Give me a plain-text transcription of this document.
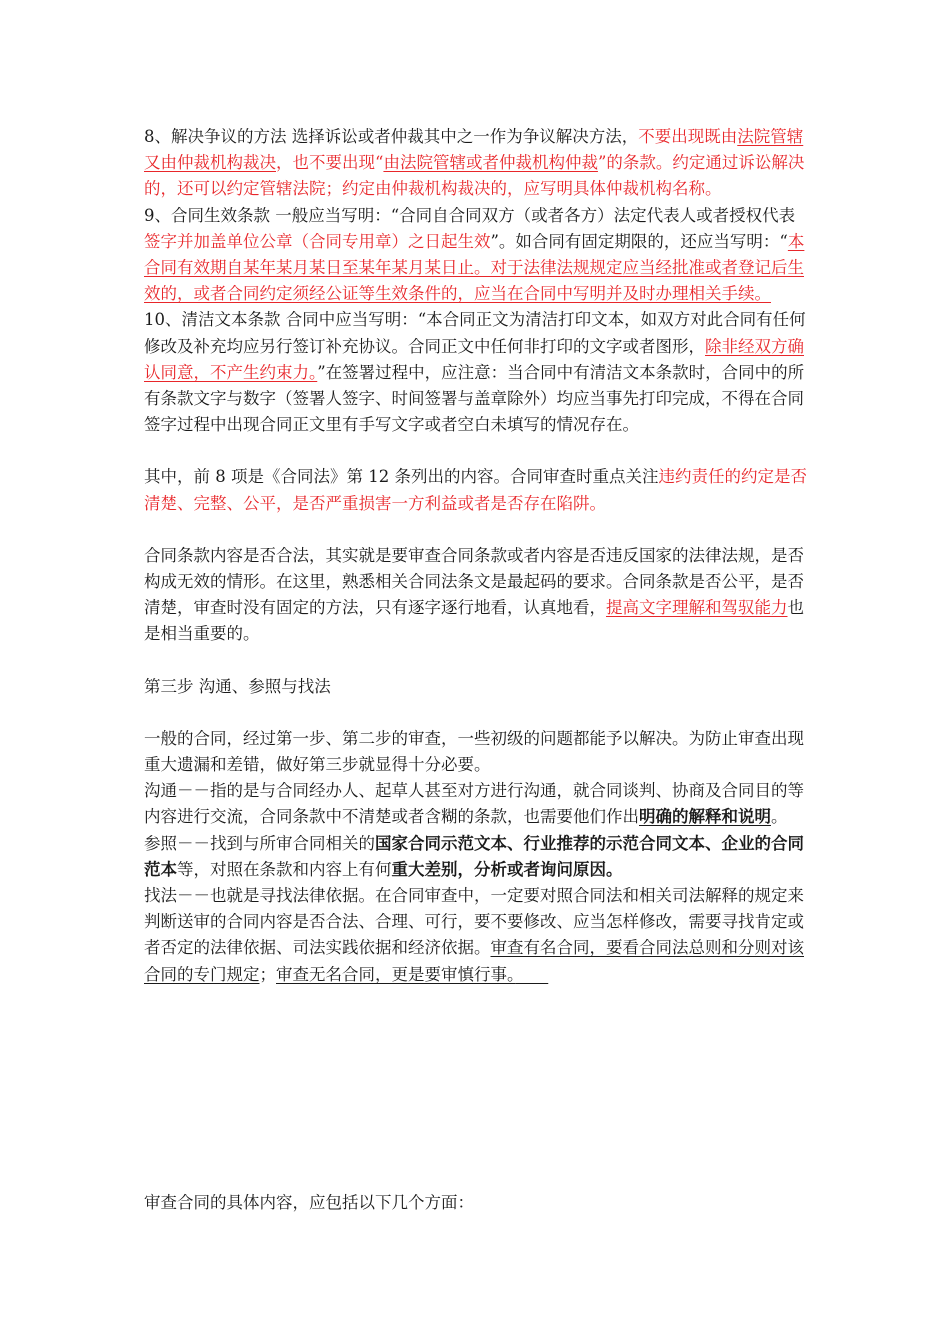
8、解决争议的方法 选择诉讼或者仲裁其中之一作为争议解决方法，不要出现既由法院管辖又由仲裁机构裁决，也不要出现“由法院管辖或者仲裁机构仲裁”的条款。约定通过诉讼解决的，还可以约定管辖法院；约定由仲裁机构裁决的，应写明具体仲裁机构名称。

9、合同生效条款 一般应当写明：“合同自合同双方（或者各方）法定代表人或者授权代表签字并加盖单位公章（合同专用章）之日起生效”。如合同有固定期限的，还应当写明：“本合同有效期自某年某月某日至某年某月某日止。对于法律法规规定应当经批准或者登记后生效的，或者合同约定须经公证等生效条件的，应当在合同中写明并及时办理相关手续。

10、清洁文本条款 合同中应当写明：“本合同正文为清洁打印文本，如双方对此合同有任何修改及补充均应另行签订补充协议。合同正文中任何非打印的文字或者图形，除非经双方确认同意，不产生约束力。”在签署过程中，应注意：当合同中有清洁文本条款时，合同中的所有条款文字与数字（签署人签字、时间签署与盖章除外）均应当事先打印完成，不得在合同签字过程中出现合同正文里有手写文字或者空白未填写的情况存在。

其中，前 8 项是《合同法》第 12 条列出的内容。合同审查时重点关注违约责任的约定是否清楚、完整、公平，是否严重损害一方利益或者是否存在陷阱。

合同条款内容是否合法，其实就是要审查合同条款或者内容是否违反国家的法律法规，是否构成无效的情形。在这里，熟悉相关合同法条文是最起码的要求。合同条款是否公平，是否清楚，审查时没有固定的方法，只有逐字逐行地看，认真地看，提高文字理解和驾驭能力也是相当重要的。

第三步 沟通、参照与找法

一般的合同，经过第一步、第二步的审查，一些初级的问题都能予以解决。为防止审查出现重大遗漏和差错，做好第三步就显得十分必要。

沟通－－指的是与合同经办人、起草人甚至对方进行沟通，就合同谈判、协商及合同目的等内容进行交流，合同条款中不清楚或者含糊的条款，也需要他们作出明确的解释和说明。

参照－－找到与所审合同相关的国家合同示范文本、行业推荐的示范合同文本、企业的合同范本等，对照在条款和内容上有何重大差别，分析或者询问原因。

找法－－也就是寻找法律依据。在合同审查中，一定要对照合同法和相关司法解释的规定来判断送审的合同内容是否合法、合理、可行，要不要修改、应当怎样修改，需要寻找肯定或者否定的法律依据、司法实践依据和经济依据。审查有名合同，要看合同法总则和分则对该合同的专门规定；审查无名合同，更是要审慎行事。　　

审查合同的具体内容，应包括以下几个方面：
